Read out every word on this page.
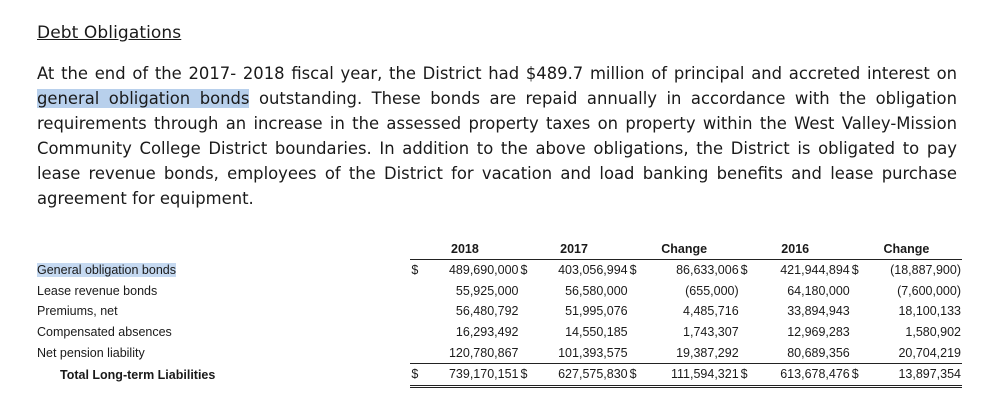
Debt Obligations
At the end of the 2017- 2018 fiscal year, the District had $489.7 million of principal and accreted interest on general obligation bonds outstanding. These bonds are repaid annually in accordance with the obligation requirements through an increase in the assessed property taxes on property within the West Valley-Mission Community College District boundaries. In addition to the above obligations, the District is obligated to pay lease revenue bonds, employees of the District for vacation and load banking benefits and lease purchase agreement for equipment.
	2018		2017		Change		2016		Change	
General obligation bonds	$	489,690,000	$	403,056,994	$	86,633,006	$	421,944,894	$	(18,887,900)
Lease revenue bonds		55,925,000		56,580,000		(655,000)		64,180,000		(7,600,000)
Premiums, net		56,480,792		51,995,076		4,485,716		33,894,943		18,100,133
Compensated absences		16,293,492		14,550,185		1,743,307		12,969,283		1,580,902
Net pension liability		120,780,867		101,393,575		19,387,292		80,689,356		20,704,219
Total Long-term Liabilities	$	739,170,151	$	627,575,830	$	111,594,321	$	613,678,476	$	13,897,354
